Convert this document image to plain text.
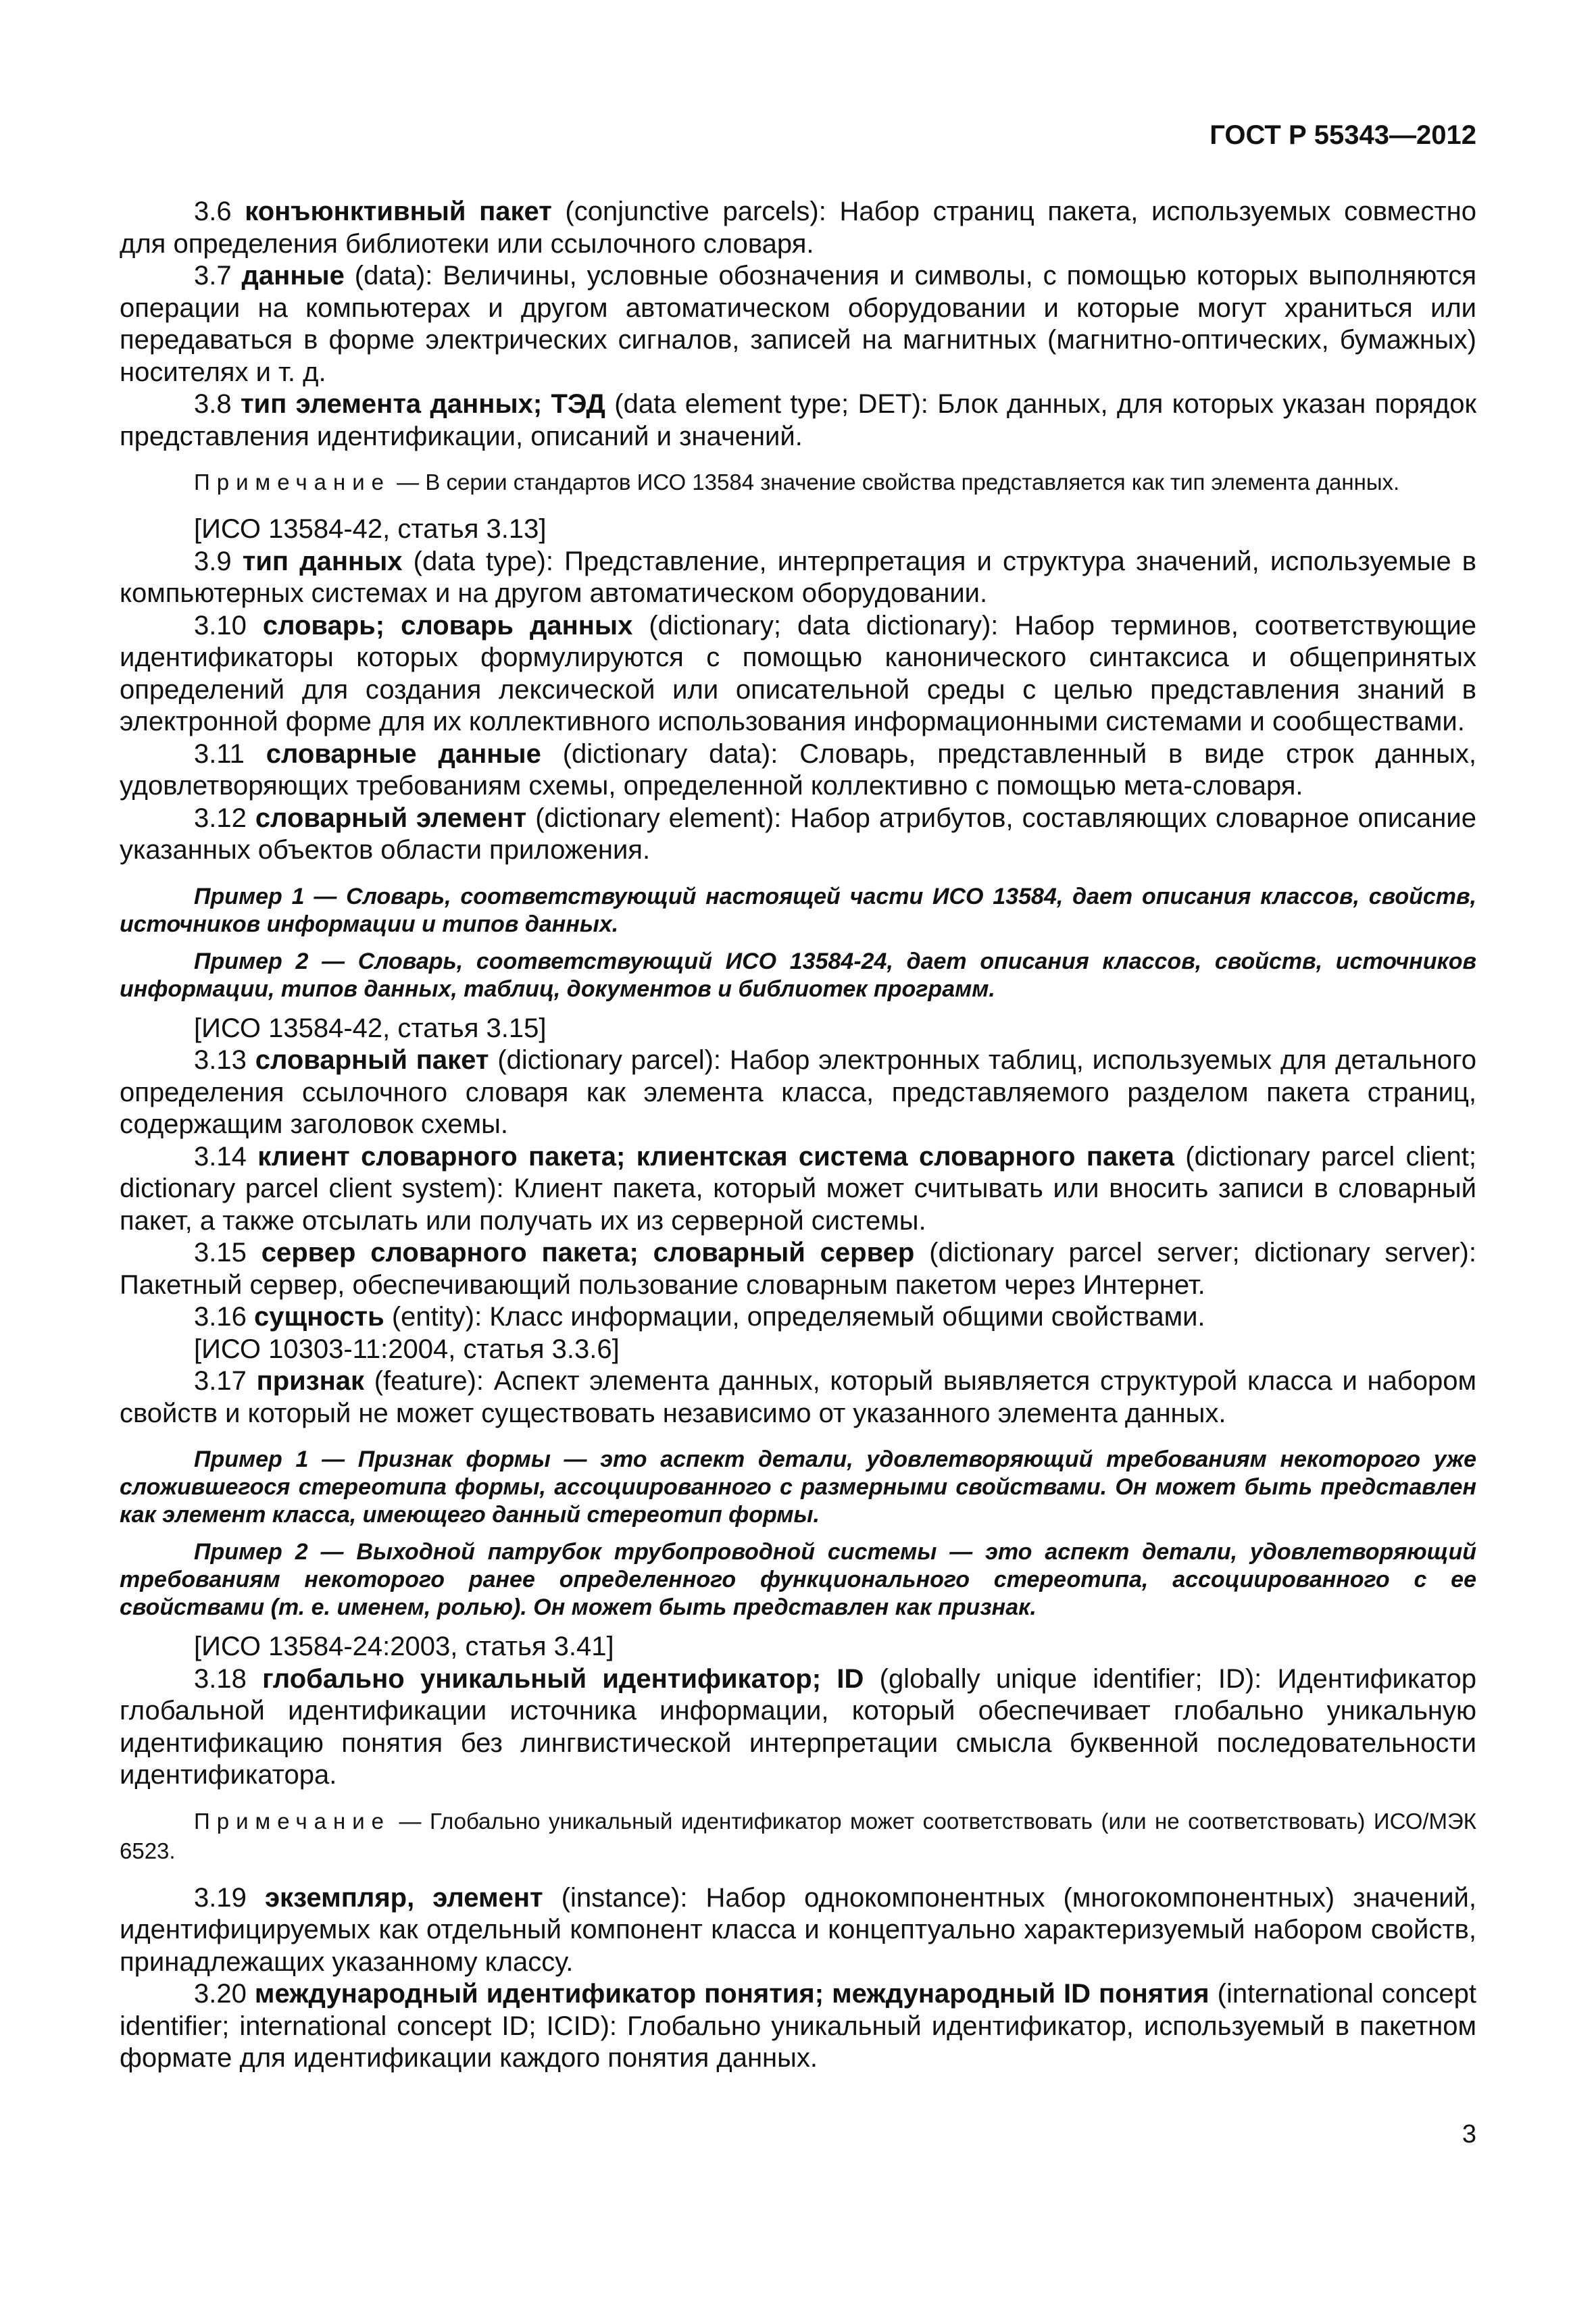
ГОСТ Р 55343—2012

3.6 конъюнктивный пакет (conjunctive parcels): Набор страниц пакета, используемых совместно для определения библиотеки или ссылочного словаря.

3.7 данные (data): Величины, условные обозначения и символы, с помощью которых выполняются операции на компьютерах и другом автоматическом оборудовании и которые могут храниться или передаваться в форме электрических сигналов, записей на магнитных (магнитно-оптических, бумажных) носителях и т. д.

3.8 тип элемента данных; ТЭД (data element type; DET): Блок данных, для которых указан порядок представления идентификации, описаний и значений.

Примечание — В серии стандартов ИСО 13584 значение свойства представляется как тип элемента данных.

[ИСО 13584-42, статья 3.13]

3.9 тип данных (data type): Представление, интерпретация и структура значений, используемые в компьютерных системах и на другом автоматическом оборудовании.

3.10 словарь; словарь данных (dictionary; data dictionary): Набор терминов, соответствующие идентификаторы которых формулируются с помощью канонического синтаксиса и общепринятых определений для создания лексической или описательной среды с целью представления знаний в электронной форме для их коллективного использования информационными системами и сообществами.

3.11 словарные данные (dictionary data): Словарь, представленный в виде строк данных, удовлетворяющих требованиям схемы, определенной коллективно с помощью мета-словаря.

3.12 словарный элемент (dictionary element): Набор атрибутов, составляющих словарное описание указанных объектов области приложения.

Пример 1 — Словарь, соответствующий настоящей части ИСО 13584, дает описания классов, свойств, источников информации и типов данных.

Пример 2 — Словарь, соответствующий ИСО 13584-24, дает описания классов, свойств, источников информации, типов данных, таблиц, документов и библиотек программ.

[ИСО 13584-42, статья 3.15]

3.13 словарный пакет (dictionary parcel): Набор электронных таблиц, используемых для детального определения ссылочного словаря как элемента класса, представляемого разделом пакета страниц, содержащим заголовок схемы.

3.14 клиент словарного пакета; клиентская система словарного пакета (dictionary parcel client; dictionary parcel client system): Клиент пакета, который может считывать или вносить записи в словарный пакет, а также отсылать или получать их из серверной системы.

3.15 сервер словарного пакета; словарный сервер (dictionary parcel server; dictionary server): Пакетный сервер, обеспечивающий пользование словарным пакетом через Интернет.

3.16 сущность (entity): Класс информации, определяемый общими свойствами.

[ИСО 10303-11:2004, статья 3.3.6]

3.17 признак (feature): Аспект элемента данных, который выявляется структурой класса и набором свойств и который не может существовать независимо от указанного элемента данных.

Пример 1 — Признак формы — это аспект детали, удовлетворяющий требованиям некоторого уже сложившегося стереотипа формы, ассоциированного с размерными свойствами. Он может быть представлен как элемент класса, имеющего данный стереотип формы.

Пример 2 — Выходной патрубок трубопроводной системы — это аспект детали, удовлетворяющий требованиям некоторого ранее определенного функционального стереотипа, ассоциированного с ее свойствами (т. е. именем, ролью). Он может быть представлен как признак.

[ИСО 13584-24:2003, статья 3.41]

3.18 глобально уникальный идентификатор; ID (globally unique identifier; ID): Идентификатор глобальной идентификации источника информации, который обеспечивает глобально уникальную идентификацию понятия без лингвистической интерпретации смысла буквенной последовательности идентификатора.

Примечание — Глобально уникальный идентификатор может соответствовать (или не соответствовать) ИСО/МЭК 6523.

3.19 экземпляр, элемент (instance): Набор однокомпонентных (многокомпонентных) значений, идентифицируемых как отдельный компонент класса и концептуально характеризуемый набором свойств, принадлежащих указанному классу.

3.20 международный идентификатор понятия; международный ID понятия (international concept identifier; international concept ID; ICID): Глобально уникальный идентификатор, используемый в пакетном формате для идентификации каждого понятия данных.

3
